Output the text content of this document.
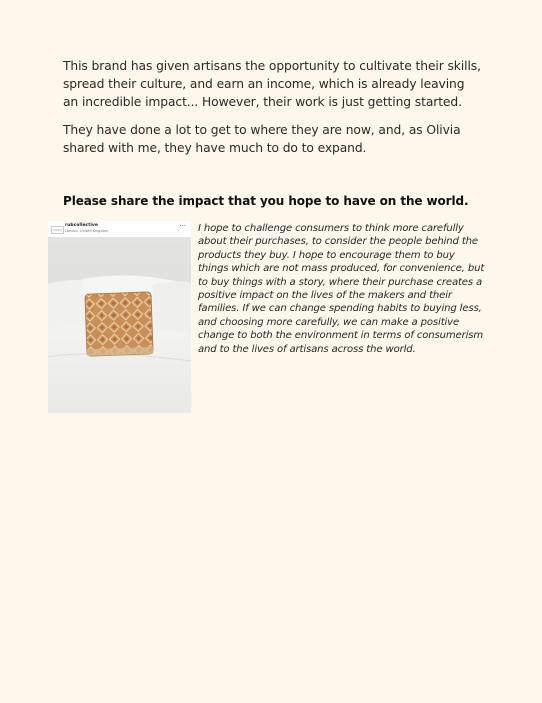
This brand has given artisans the opportunity to cultivate their skills, spread their culture, and earn an income, which is already leaving an incredible impact... However, their work is just getting started.

They have done a lot to get to where they are now, and, as Olivia shared with me, they have much to do to expand.

Please share the impact that you hope to have on the world.
LOGO
rubcollective
London, United Kingdom
··· I hope to challenge consumers to think more carefully about their purchases, to consider the people behind the products they buy. I hope to encourage them to buy things which are not mass produced, for convenience, but to buy things with a story, where their purchase creates a positive impact on the lives of the makers and their families. If we can change spending habits to buying less, and choosing more carefully, we can make a positive change to both the environment in terms of consumerism and to the lives of artisans across the world.
